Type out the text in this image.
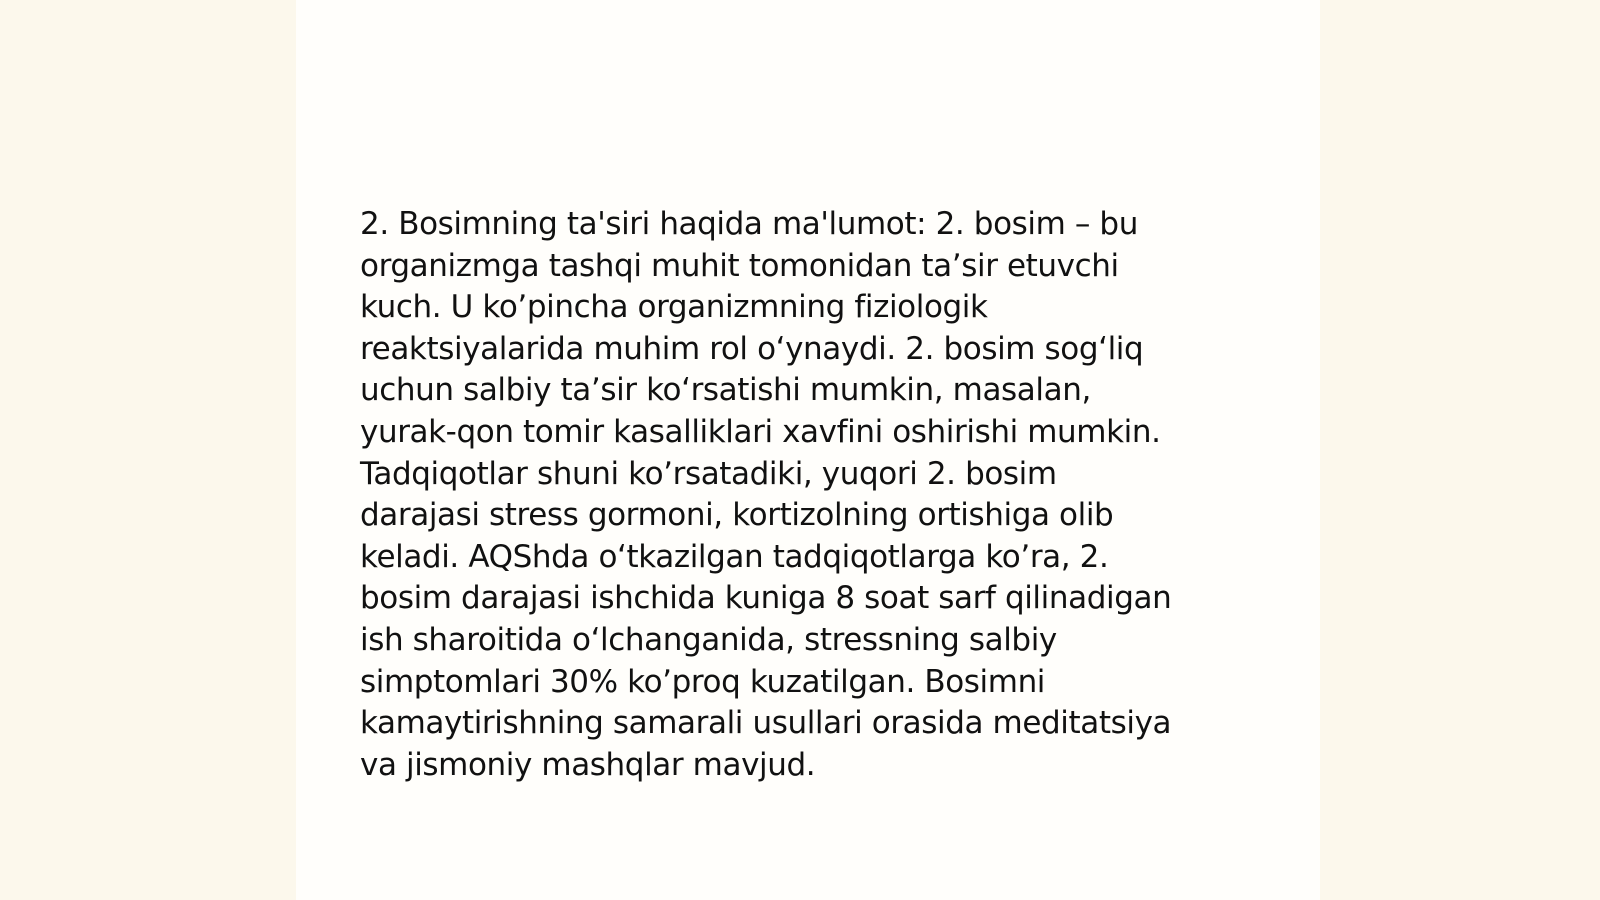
2. Bosimning ta'siri haqida ma'lumot: 2. bosim – bu
organizmga tashqi muhit tomonidan ta’sir etuvchi
kuch. U ko’pincha organizmning fiziologik
reaktsiyalarida muhim rol oʻynaydi. 2. bosim sogʻliq
uchun salbiy ta’sir koʻrsatishi mumkin, masalan,
yurak-qon tomir kasalliklari xavfini oshirishi mumkin.
Tadqiqotlar shuni ko’rsatadiki, yuqori 2. bosim
darajasi stress gormoni, kortizolning ortishiga olib
keladi. AQShda oʻtkazilgan tadqiqotlarga ko’ra, 2.
bosim darajasi ishchida kuniga 8 soat sarf qilinadigan
ish sharoitida oʻlchanganida, stressning salbiy
simptomlari 30% ko’proq kuzatilgan. Bosimni
kamaytirishning samarali usullari orasida meditatsiya
va jismoniy mashqlar mavjud.
